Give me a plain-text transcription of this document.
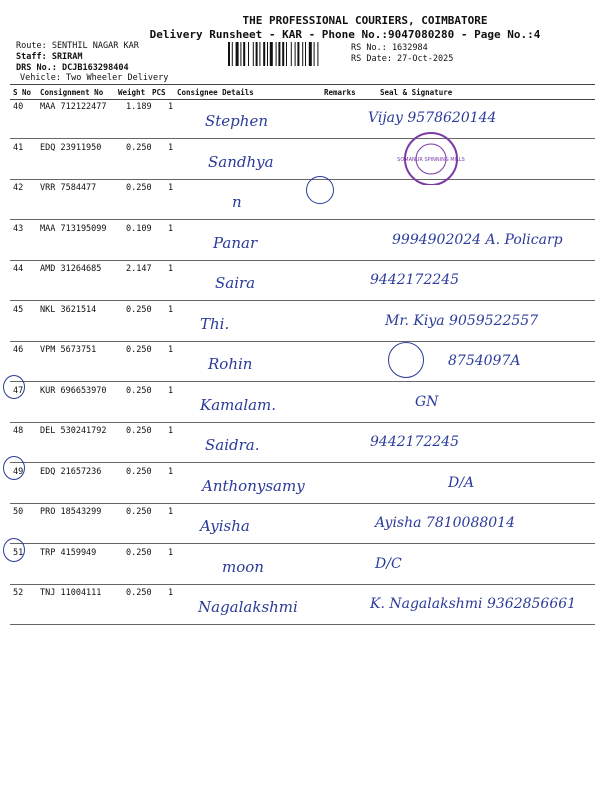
THE PROFESSIONAL COURIERS, COIMBATORE
Delivery Runsheet - KAR - Phone No.:9047080280 - Page No.:4
Route: SENTHIL NAGAR KAR
Staff: SRIRAM
DRS No.: DCJB163298404
Vehicle: Two Wheeler Delivery
RS No.: 1632984
RS Date: 27-Oct-2025
S No Consignment No Weight PCS Consignee Details	Remarks	Seal & Signature
40 MAA 712122477 1.189 1
Stephen	Vijay 9578620144
41 EDQ 23911950	0.250 1
Sandhya
42 VRR 7584477	0.250 1
n
43 MAA 713195099 0.109 1
Panar	9994902024 A. Policarp
44 AMD 31264685	2.147 1
Saira	9442172245
45 NKL 3621514	0.250 1
Thi.	Mr. Kiya 9059522557
46 VPM 5673751	0.250 1
Rohin	8754097A
47 KUR 696653970 0.250 1
Kamalam.	GN
48 DEL 530241792 0.250 1
Saidra.	9442172245
49 EDQ 21657236	0.250 1
Anthonysamy	D/A
50 PRO 18543299	0.250 1
Ayisha	Ayisha 7810088014
51 TRP 4159949	0.250 1
moon	D/C
52 TNJ 11004111	0.250 1
Nagalakshmi	K. Nagalakshmi 9362856661
SOMANUR SPINNING MILLS
